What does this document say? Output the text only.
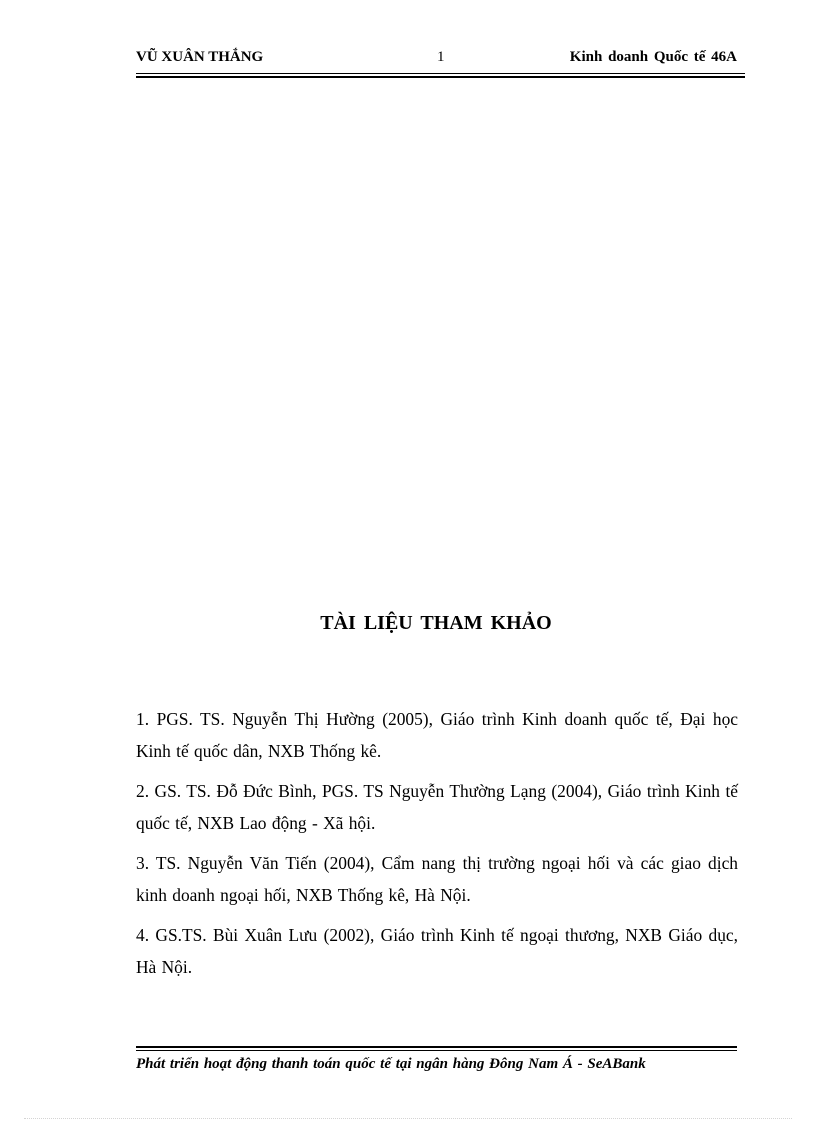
VŨ XUÂN THẮNG	1	Kinh doanh Quốc tế 46A
TÀI LIỆU THAM KHẢO
1. PGS. TS. Nguyễn Thị Hường (2005), Giáo trình Kinh doanh quốc tế, Đại học Kinh tế quốc dân, NXB Thống kê.
2. GS. TS. Đỗ Đức Bình, PGS. TS Nguyễn Thường Lạng (2004), Giáo trình Kinh tế quốc tế, NXB Lao động - Xã hội.
3. TS. Nguyễn Văn Tiến (2004), Cẩm nang thị trường ngoại hối và các giao dịch kinh doanh ngoại hối, NXB Thống kê, Hà Nội.
4. GS.TS. Bùi Xuân Lưu (2002), Giáo trình Kinh tế ngoại thương, NXB Giáo dục, Hà Nội.
Phát triển hoạt động thanh toán quốc tế tại ngân hàng Đông Nam Á - SeABank
